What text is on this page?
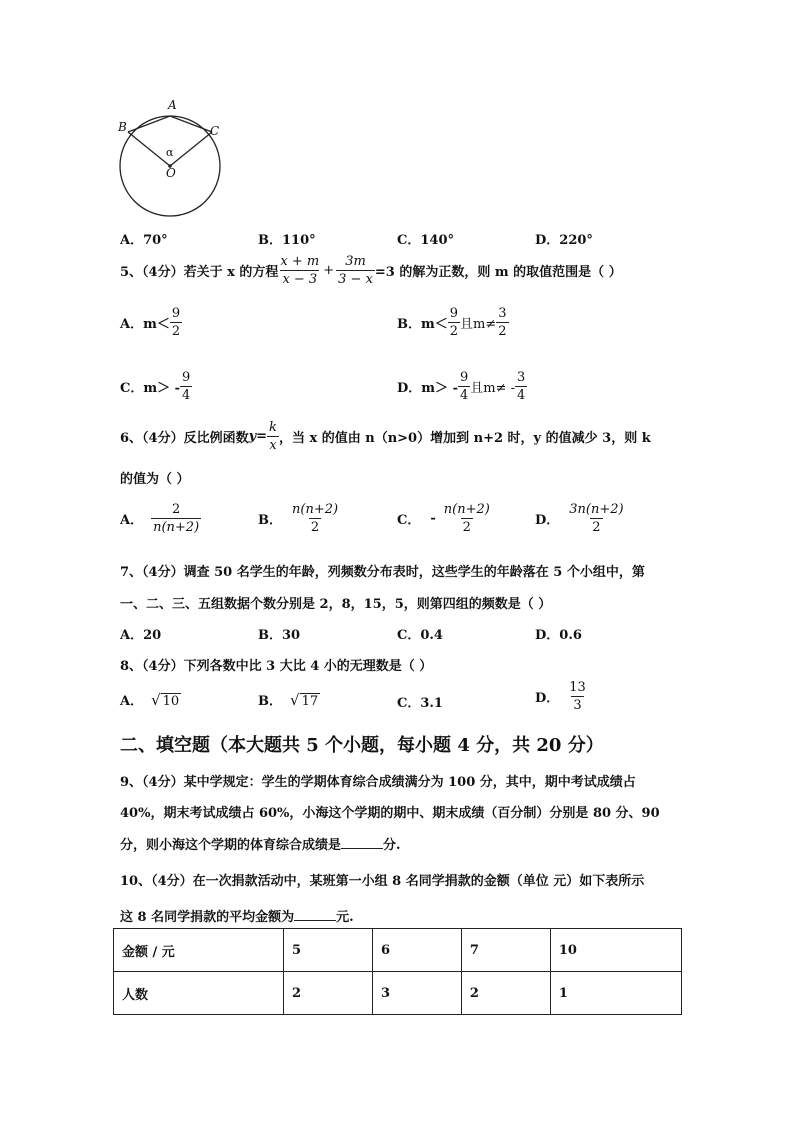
A
B	C
α
O
A．70°	B．110°	C．140°	D．220°
5、（4分）若关于 x 的方程 $\frac{x + m}{x - 3} + \frac{3m}{3 - x} =3$ 的解为正数，则 m 的取值范围是（ ）
A． $m< \frac{9}{2}$	B． $m< \frac{9}{2}$ 且$m\ne \frac{3}{2}$
C． $m> - \frac{9}{4}$	D． $m> - \frac{9}{4}$ 且$m\ne - \frac{3}{4}$
6、（4分）反比例函数 $y= \frac{k}{x}$ ，当 x 的值由 n（n>0）增加到 n+2 时，y 的值减少 3，则 k
的值为（ ）
A． $\frac{2}{n(n+2)}$	B． $\frac{n(n+2)}{2}$	C． - $\frac{n(n+2)}{2}$	D． $\frac{3n(n+2)}{2}$
7、（4分）调查 50 名学生的年龄，列频数分布表时，这些学生的年龄落在 5 个小组中，第
一、二、三、五组数据个数分别是 2，8，15，5，则第四组的频数是（ ）
A．20	B．30	C．0.4	D．0.6
8、（4分）下列各数中比 3 大比 4 小的无理数是（ ）
A． √ 10	B． √ 17	C．3.1	D． $\frac{13}{3}$
二、填空题（本大题共 5 个小题，每小题 4 分，共 20 分）
9、（4分）某中学规定：学生的学期体育综合成绩满分为 100 分，其中，期中考试成绩占
40%，期末考试成绩占 60%，小海这个学期的期中、期末成绩（百分制）分别是 80 分、90
分，则小海这个学期的体育综合成绩是	分.
10、（4分）在一次捐款活动中，某班第一小组 8 名同学捐款的金额（单位 元）如下表所示
这 8 名同学捐款的平均金额为	元.
金额 / 元	5	6	7	10
人数	2	3	2	1
